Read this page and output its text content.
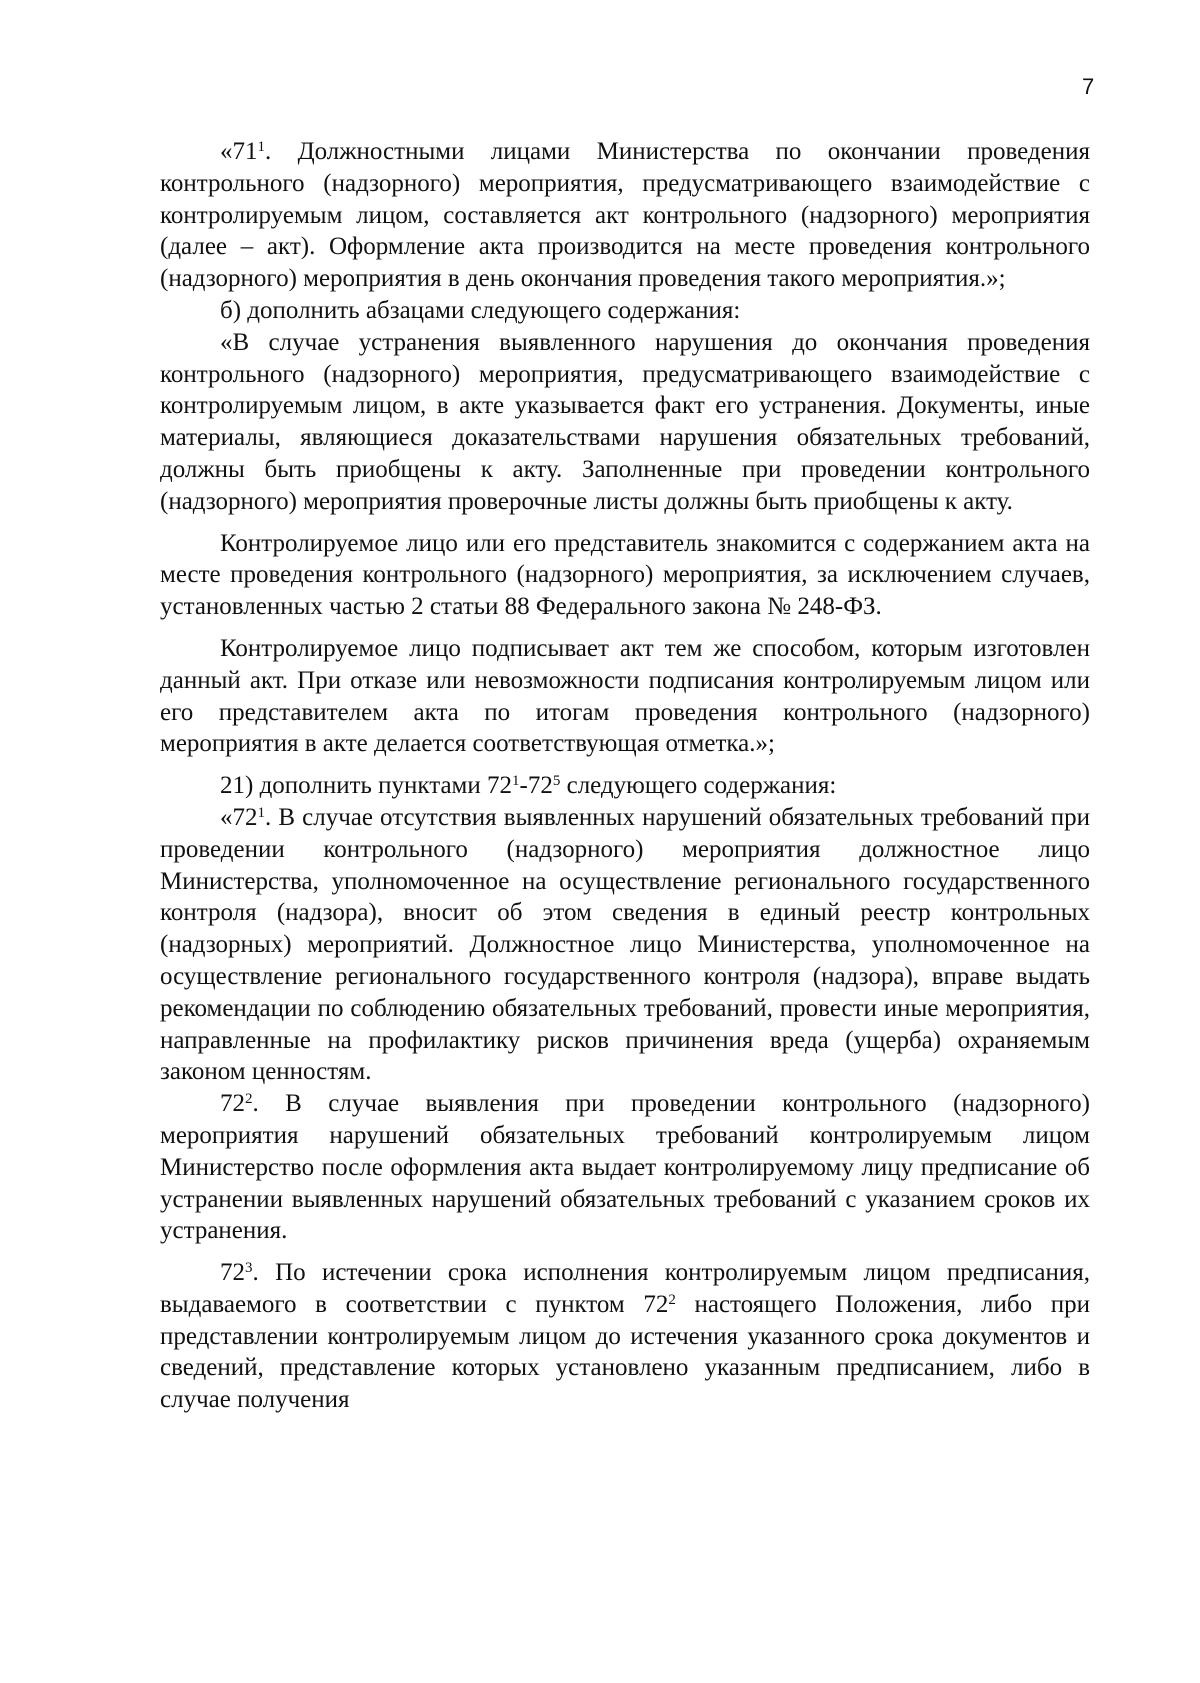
7

«$71^1$. Должностными лицами Министерства по окончании проведения контрольного (надзорного) мероприятия, предусматривающего взаимодействие с контролируемым лицом, составляется акт контрольного (надзорного) мероприятия (далее – акт). Оформление акта производится на месте проведения контрольного (надзорного) мероприятия в день окончания проведения такого мероприятия.»;

б) дополнить абзацами следующего содержания:

«В случае устранения выявленного нарушения до окончания проведения контрольного (надзорного) мероприятия, предусматривающего взаимодействие с контролируемым лицом, в акте указывается факт его устранения. Документы, иные материалы, являющиеся доказательствами нарушения обязательных требований, должны быть приобщены к акту. Заполненные при проведении контрольного (надзорного) мероприятия проверочные листы должны быть приобщены к акту.

Контролируемое лицо или его представитель знакомится с содержанием акта на месте проведения контрольного (надзорного) мероприятия, за исключением случаев, установленных частью 2 статьи 88 Федерального закона № 248-ФЗ.

Контролируемое лицо подписывает акт тем же способом, которым изготовлен данный акт. При отказе или невозможности подписания контролируемым лицом или его представителем акта по итогам проведения контрольного (надзорного) мероприятия в акте делается соответствующая отметка.»;

21) дополнить пунктами $72^1-72^5$ следующего содержания:

«$72^1$. В случае отсутствия выявленных нарушений обязательных требований при проведении контрольного (надзорного) мероприятия должностное лицо Министерства, уполномоченное на осуществление регионального государственного контроля (надзора), вносит об этом сведения в единый реестр контрольных (надзорных) мероприятий. Должностное лицо Министерства, уполномоченное на осуществление регионального государственного контроля (надзора), вправе выдать рекомендации по соблюдению обязательных требований, провести иные мероприятия, направленные на профилактику рисков причинения вреда (ущерба) охраняемым законом ценностям.

$72^2$. В случае выявления при проведении контрольного (надзорного) мероприятия нарушений обязательных требований контролируемым лицом Министерство после оформления акта выдает контролируемому лицу предписание об устранении выявленных нарушений обязательных требований с указанием сроков их устранения.

$72^3$. По истечении срока исполнения контролируемым лицом предписания, выдаваемого в соответствии с пунктом $72^2$ настоящего Положения, либо при представлении контролируемым лицом до истечения указанного срока документов и сведений, представление которых установлено указанным предписанием, либо в случае получения
